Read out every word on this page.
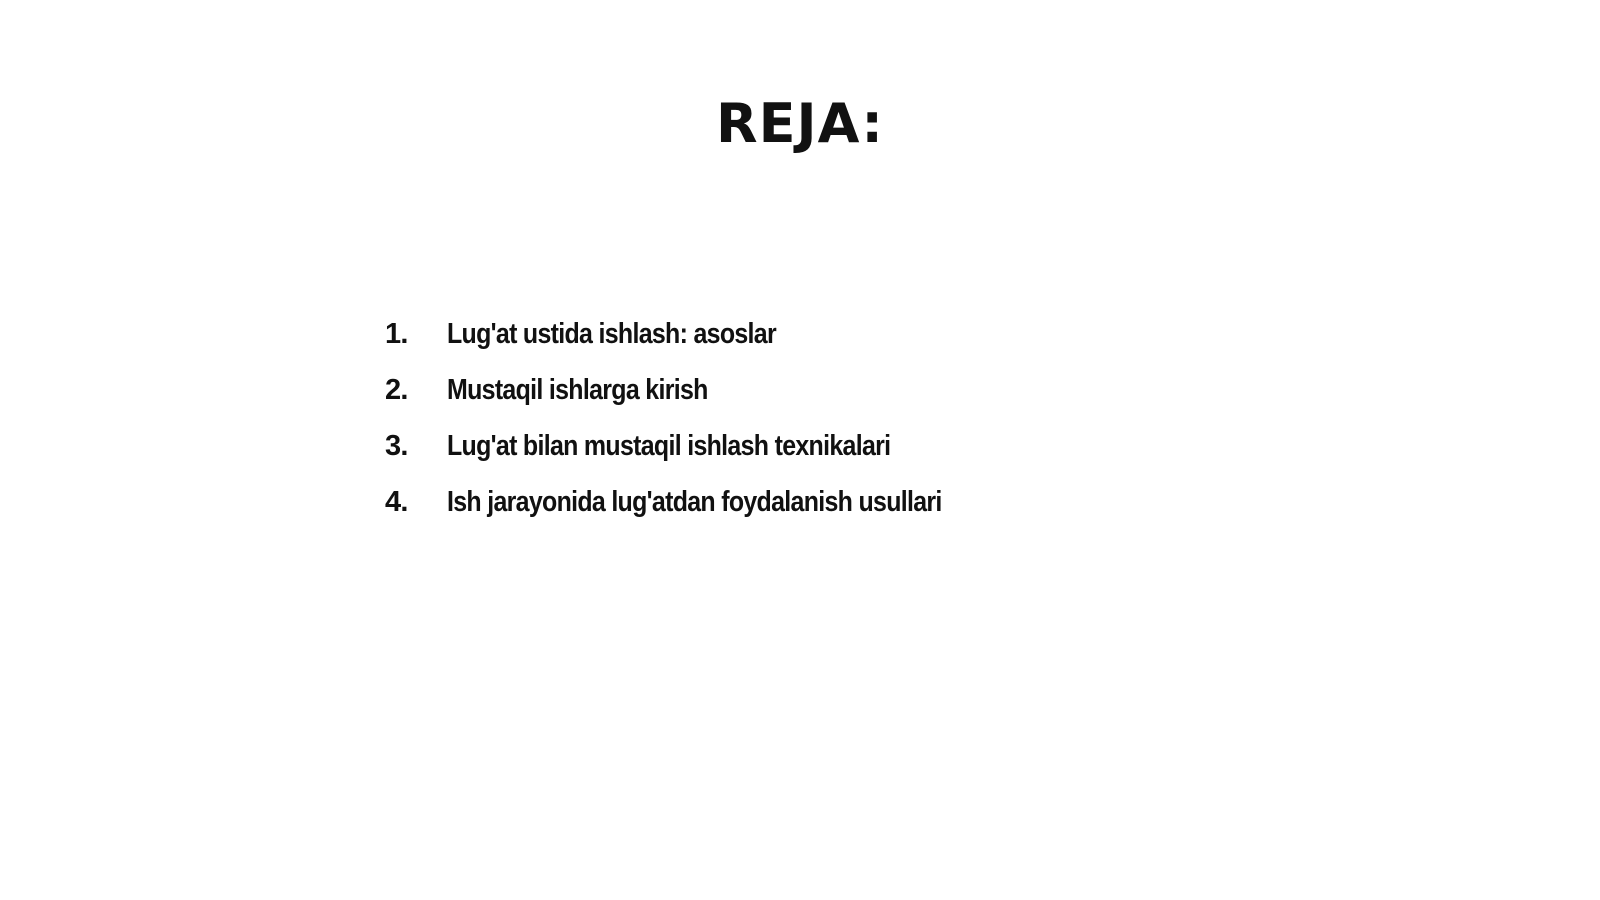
REJA:
1.	Lug'at ustida ishlash: asoslar
2.	Mustaqil ishlarga kirish
3.	Lug'at bilan mustaqil ishlash texnikalari
4.	Ish jarayonida lug'atdan foydalanish usullari
